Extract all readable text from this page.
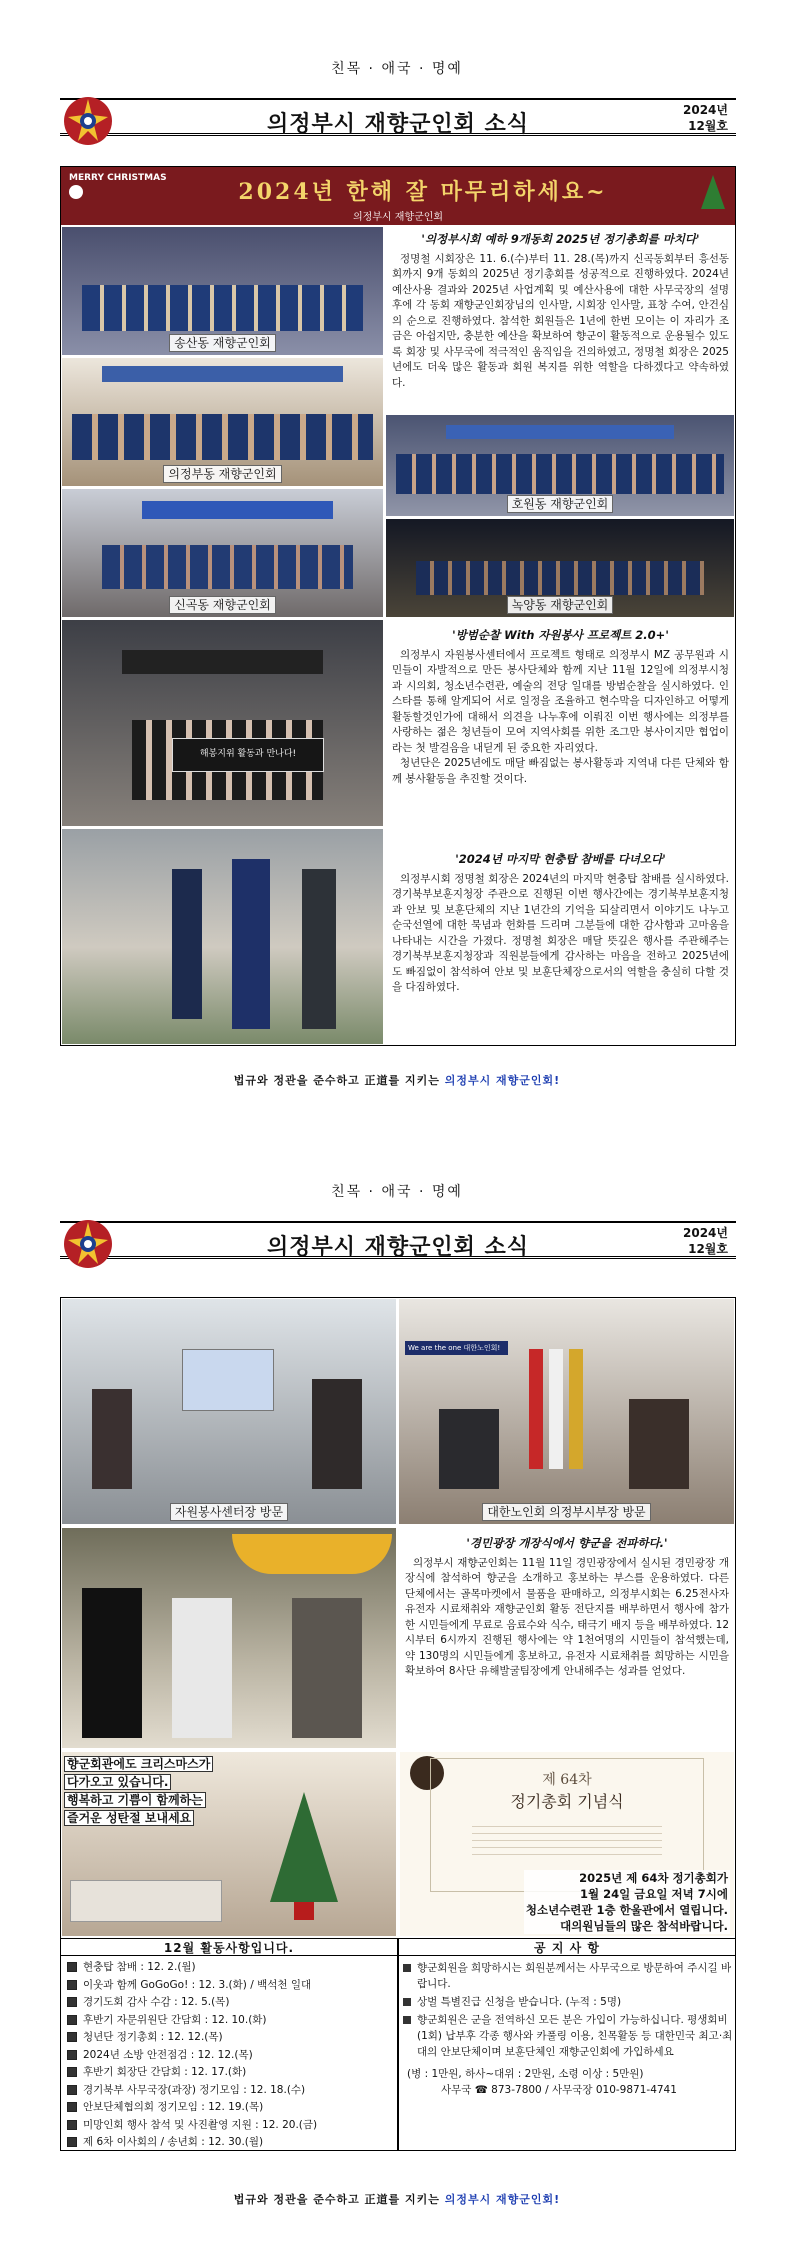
친목 · 애국 · 명예
의정부시 재향군인회 소식
2024년
12월호
MERRY CHRISTMAS
2024년 한해 잘 마무리하세요~
의정부시 재향군인회
송산동 재향군인회
의정부동 재향군인회
신곡동 재향군인회
해봉지위 활동과 만나다!
'의정부시회 예하 9개동회 2025년 정기총회를 마치다'

정명철 시회장은 11. 6.(수)부터 11. 28.(목)까지 신곡동회부터 흥선동회까지 9개 동회의 2025년 정기총회를 성공적으로 진행하였다. 2024년 예산사용 결과와 2025년 사업계획 및 예산사용에 대한 사무국장의 설명후에 각 동회 재향군인회장님의 인사말, 시회장 인사말, 표창 수여, 안건심의 순으로 진행하였다. 참석한 회원들은 1년에 한번 모이는 이 자리가 조금은 아쉽지만, 충분한 예산을 확보하여 향군이 활동적으로 운용될수 있도록 회장 및 사무국에 적극적인 움직임을 건의하였고, 정명철 회장은 2025년에도 더욱 많은 활동과 회원 복지를 위한 역할을 다하겠다고 약속하였다.

호원동 재향군인회
녹양동 재향군인회
'방범순찰 With 자원봉사 프로젝트 2.0+'

의정부시 자원봉사센터에서 프로젝트 형태로 의정부시 MZ 공무원과 시민들이 자발적으로 만든 봉사단체와 함께 지난 11월 12일에 의정부시청과 시의회, 청소년수련관, 예술의 전당 일대를 방범순찰을 실시하였다. 인스타를 통해 알게되어 서로 일정을 조율하고 현수막을 디자인하고 어떻게 활동할것인가에 대해서 의견을 나누후에 이뤄진 이번 행사에는 의정부를 사랑하는 젊은 청년들이 모여 지역사회를 위한 조그만 봉사이지만 협업이라는 첫 발걸음을 내딛게 된 중요한 자리였다.

청년단은 2025년에도 매달 빠짐없는 봉사활동과 지역내 다른 단체와 함께 봉사활동을 추진할 것이다.

'2024년 마지막 현충탑 참배를 다녀오다'

의정부시회 정명철 회장은 2024년의 마지막 현충탑 참배를 실시하였다. 경기북부보훈지청장 주관으로 진행된 이번 행사간에는 경기북부보훈지청과 안보 및 보훈단체의 지난 1년간의 기억을 되살리면서 이야기도 나누고 순국선열에 대한 묵념과 헌화를 드리며 그분들에 대한 감사함과 고마움을 나타내는 시간을 가졌다. 정명철 회장은 매달 뜻깊은 행사를 주관해주는 경기북부보훈지청장과 직원분들에게 감사하는 마음을 전하고 2025년에도 빠짐없이 참석하여 안보 및 보훈단체장으로서의 역할을 충실히 다할 것을 다짐하였다.

법규와 정관을 준수하고 正道를 지키는 의정부시 재향군인회!
친목 · 애국 · 명예
의정부시 재향군인회 소식
2024년
12월호
자원봉사센터장 방문
We are the one 대한노인회!
대한노인회 의정부시부장 방문
'경민광장 개장식에서 향군을 전파하다.'

의정부시 재향군인회는 11월 11일 경민광장에서 실시된 경민광장 개장식에 참석하여 향군을 소개하고 홍보하는 부스를 운용하였다. 다른 단체에서는 골목마켓에서 물품을 판매하고, 의정부시회는 6.25전사자 유전자 시료채취와 재향군인회 활동 전단지를 배부하면서 행사에 참가한 시민들에게 무료로 음료수와 식수, 태극기 배지 등을 배부하였다. 12시부터 6시까지 진행된 행사에는 약 1천여명의 시민들이 참석했는데, 약 130명의 시민들에게 홍보하고, 유전자 시료채취를 희망하는 시민을 확보하여 8사단 유해발굴팀장에게 안내해주는 성과를 얻었다.

향군회관에도 크리스마스가
다가오고 있습니다.
행복하고 기쁨이 함께하는
즐거운 성탄절 보내세요
제 64차
정기총회 기념식
2025년 제 64차 정기총회가
1월 24일 금요일 저녁 7시에
청소년수련관 1층 한울관에서 열립니다.
대의원님들의 많은 참석바랍니다.
12월 활동사항입니다.	공 지 사 항
현충탑 참배 : 12. 2.(월)
이웃과 함께 GoGoGo! : 12. 3.(화) / 백석천 일대
경기도회 감사 수감 : 12. 5.(목)
후반기 자문위원단 간담회 : 12. 10.(화)
청년단 정기총회 : 12. 12.(목)
2024년 소방 안전점검 : 12. 12.(목)
후반기 회장단 간담회 : 12. 17.(화)
경기북부 사무국장(과장) 정기모임 : 12. 18.(수)
안보단체협의회 정기모임 : 12. 19.(목)
미망인회 행사 참석 및 사진촬영 지원 : 12. 20.(금)
제 6차 이사회의 / 송년회 : 12. 30.(월)
향군회원을 희망하시는 회원분께서는 사무국으로 방문하여 주시길 바랍니다.
상벌 특별진급 신청을 받습니다. (누적 : 5명)
향군회원은 군을 전역하신 모든 분은 가입이 가능하십니다. 평생회비(1회) 납부후 각종 행사와 카풀링 이용, 친목활동 등 대한민국 최고·최대의 안보단체이며 보훈단체인 재향군인회에 가입하세요
(병 : 1만원, 하사~대위 : 2만원, 소령 이상 : 5만원)
사무국 ☎ 873-7800 / 사무국장 010-9871-4741
법규와 정관을 준수하고 正道를 지키는 의정부시 재향군인회!
